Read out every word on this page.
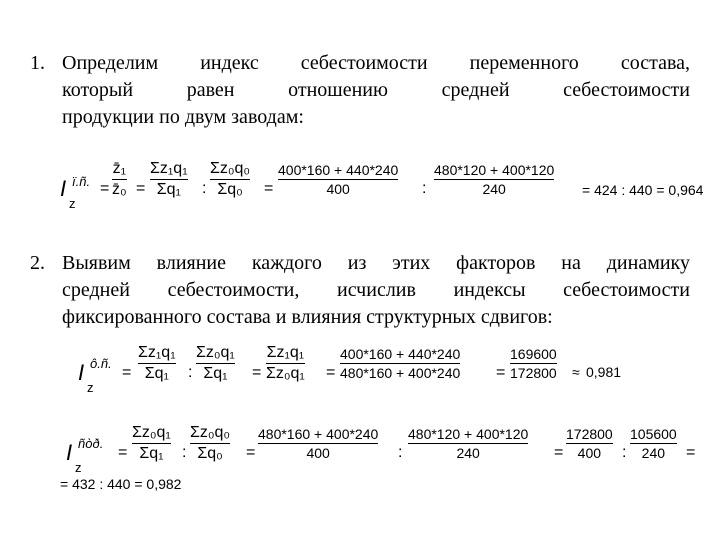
1. Определим индекс себестоимости переменного состава,
который равен отношению средней себестоимости
продукции по двум заводам:
I ï.ñ.
z
=
z̄₁
z̄₀ =
Σz₁q₁
Σq₁ :
Σz₀q₀
Σq₀ =
400*160 + 440*240
400	:
480*120 + 400*120
240	= 424 : 440 = 0,964
2. Выявим влияние каждого из этих факторов на динамику
средней себестоимости, исчислив индексы себестоимости
фиксированного состава и влияния структурных сдвигов:
I ô.ñ.
z
=
Σz₁q₁
Σq₁ :
Σz₀q₁
Σq₁ =
Σz₁q₁
Σz₀q₁ =
400*160 + 440*240
480*160 + 400*240 =
169600
172800 ≈ 0,981
I ñòð.
z
=
Σz₀q₁
Σq₁ :
Σz₀q₀
Σq₀ =
480*160 + 400*240
400	:
480*120 + 400*120
240	=
172800
400 :
105600
240 =
= 432 : 440 = 0,982
